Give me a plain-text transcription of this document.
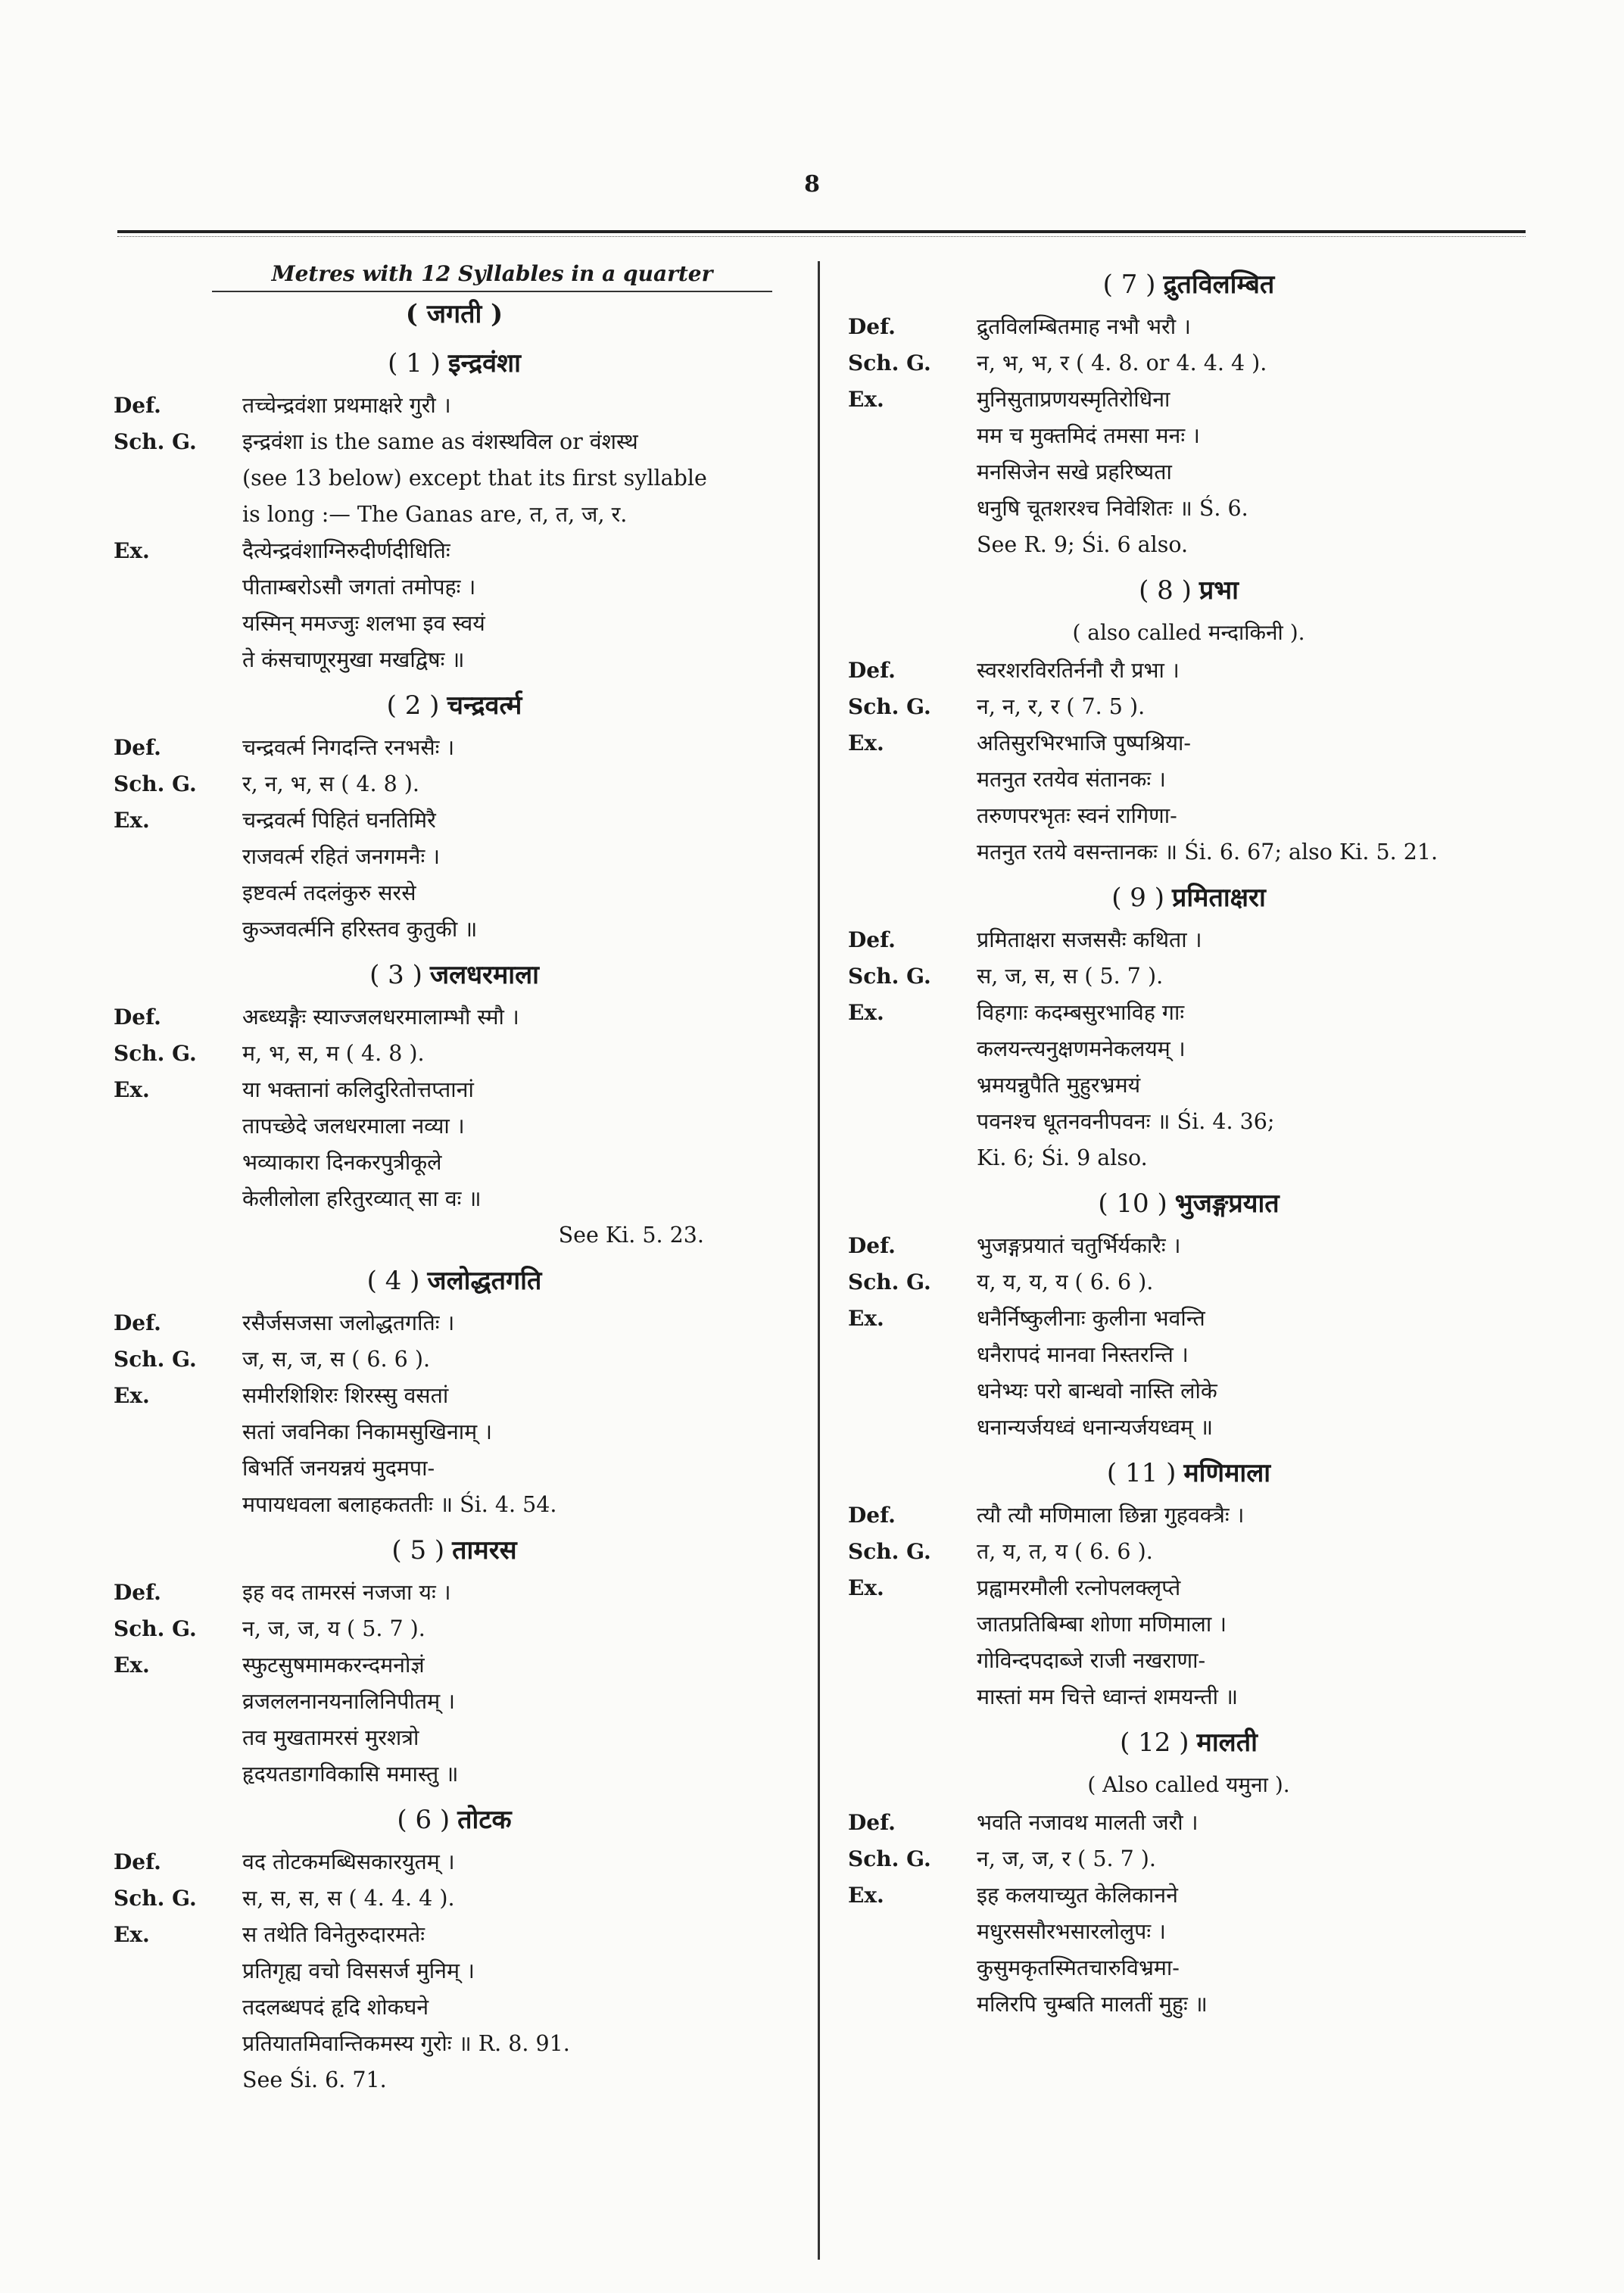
8
Metres with 12 Syllables in a quarter
( जगती )
( 1 ) इन्द्रवंशा
Def.	तच्चेन्द्रवंशा प्रथमाक्षरे गुरौ ।
Sch. G.	इन्द्रवंशा is the same as वंशस्थविल or वंशस्थ
(see 13 below) except that its first syllable
is long :— The Ganas are, त, त, ज, र.
Ex.	दैत्येन्द्रवंशाग्निरुदीर्णदीधितिः
पीताम्बरोऽसौ जगतां तमोपहः ।
यस्मिन् ममज्जुः शलभा इव स्वयं
ते कंसचाणूरमुखा मखद्विषः ॥
( 2 ) चन्द्रवर्त्म
Def.	चन्द्रवर्त्म निगदन्ति रनभसैः ।
Sch. G.	र, न, भ, स ( 4. 8 ).
Ex.	चन्द्रवर्त्म पिहितं घनतिमिरै
राजवर्त्म रहितं जनगमनैः ।
इष्टवर्त्म तदलंकुरु सरसे
कुञ्जवर्त्मनि हरिस्तव कुतुकी ॥
( 3 ) जलधरमाला
Def.	अब्ध्यङ्गैः स्याज्जलधरमालाम्भौ स्मौ ।
Sch. G.	म, भ, स, म ( 4. 8 ).
Ex.	या भक्तानां कलिदुरितोत्तप्तानां
तापच्छेदे जलधरमाला नव्या ।
भव्याकारा दिनकरपुत्रीकूले
केलीलोला हरितुरव्यात् सा वः ॥
See Ki. 5. 23.
( 4 ) जलोद्धतगति
Def.	रसैर्जसजसा जलोद्धतगतिः ।
Sch. G.	ज, स, ज, स ( 6. 6 ).
Ex.	समीरशिशिरः शिरस्सु वसतां
सतां जवनिका निकामसुखिनाम् ।
बिभर्ति जनयन्नयं मुदमपा-
मपायधवला बलाहकततीः ॥ Śi. 4. 54.
( 5 ) तामरस
Def.	इह वद तामरसं नजजा यः ।
Sch. G.	न, ज, ज, य ( 5. 7 ).
Ex.	स्फुटसुषमामकरन्दमनोज्ञं
व्रजललनानयनालिनिपीतम् ।
तव मुखतामरसं मुरशत्रो
हृदयतडागविकासि ममास्तु ॥
( 6 ) तोटक
Def.	वद तोटकमब्धिसकारयुतम् ।
Sch. G.	स, स, स, स ( 4. 4. 4 ).
Ex.	स तथेति विनेतुरुदारमतेः
प्रतिगृह्य वचो विससर्ज मुनिम् ।
तदलब्धपदं हृदि शोकघने
प्रतियातमिवान्तिकमस्य गुरोः ॥ R. 8. 91.
See Śi. 6. 71.
( 7 ) द्रुतविलम्बित
Def.	द्रुतविलम्बितमाह नभौ भरौ ।
Sch. G.	न, भ, भ, र ( 4. 8. or 4. 4. 4 ).
Ex.	मुनिसुताप्रणयस्मृतिरोधिना
मम च मुक्तमिदं तमसा मनः ।
मनसिजेन सखे प्रहरिष्यता
धनुषि चूतशरश्च निवेशितः ॥ Ś. 6.
See R. 9; Śi. 6 also.
( 8 ) प्रभा
( also called मन्दाकिनी ).
Def.	स्वरशरविरतिर्ननौ रौ प्रभा ।
Sch. G.	न, न, र, र ( 7. 5 ).
Ex.	अतिसुरभिरभाजि पुष्पश्रिया-
मतनुत रतयेव संतानकः ।
तरुणपरभृतः स्वनं रागिणा-
मतनुत रतये वसन्तानकः ॥ Śi. 6. 67; also Ki. 5. 21.
( 9 ) प्रमिताक्षरा
Def.	प्रमिताक्षरा सजससैः कथिता ।
Sch. G.	स, ज, स, स ( 5. 7 ).
Ex.	विहगाः कदम्बसुरभाविह गाः
कलयन्त्यनुक्षणमनेकलयम् ।
भ्रमयन्नुपैति मुहुरभ्रमयं
पवनश्च धूतनवनीपवनः ॥ Śi. 4. 36;
Ki. 6; Śi. 9 also.
( 10 ) भुजङ्गप्रयात
Def.	भुजङ्गप्रयातं चतुर्भिर्यकारैः ।
Sch. G.	य, य, य, य ( 6. 6 ).
Ex.	धनैर्निष्कुलीनाः कुलीना भवन्ति
धनैरापदं मानवा निस्तरन्ति ।
धनेभ्यः परो बान्धवो नास्ति लोके
धनान्यर्जयध्वं धनान्यर्जयध्वम् ॥
( 11 ) मणिमाला
Def.	त्यौ त्यौ मणिमाला छिन्ना गुहवक्त्रैः ।
Sch. G.	त, य, त, य ( 6. 6 ).
Ex.	प्रह्वामरमौली रत्नोपलक्लृप्ते
जातप्रतिबिम्बा शोणा मणिमाला ।
गोविन्दपदाब्जे राजी नखराणा-
मास्तां मम चित्ते ध्वान्तं शमयन्ती ॥
( 12 ) मालती
( Also called यमुना ).
Def.	भवति नजावथ मालती जरौ ।
Sch. G.	न, ज, ज, र ( 5. 7 ).
Ex.	इह कलयाच्युत केलिकानने
मधुरससौरभसारलोलुपः ।
कुसुमकृतस्मितचारुविभ्रमा-
मलिरपि चुम्बति मालतीं मुहुः ॥
